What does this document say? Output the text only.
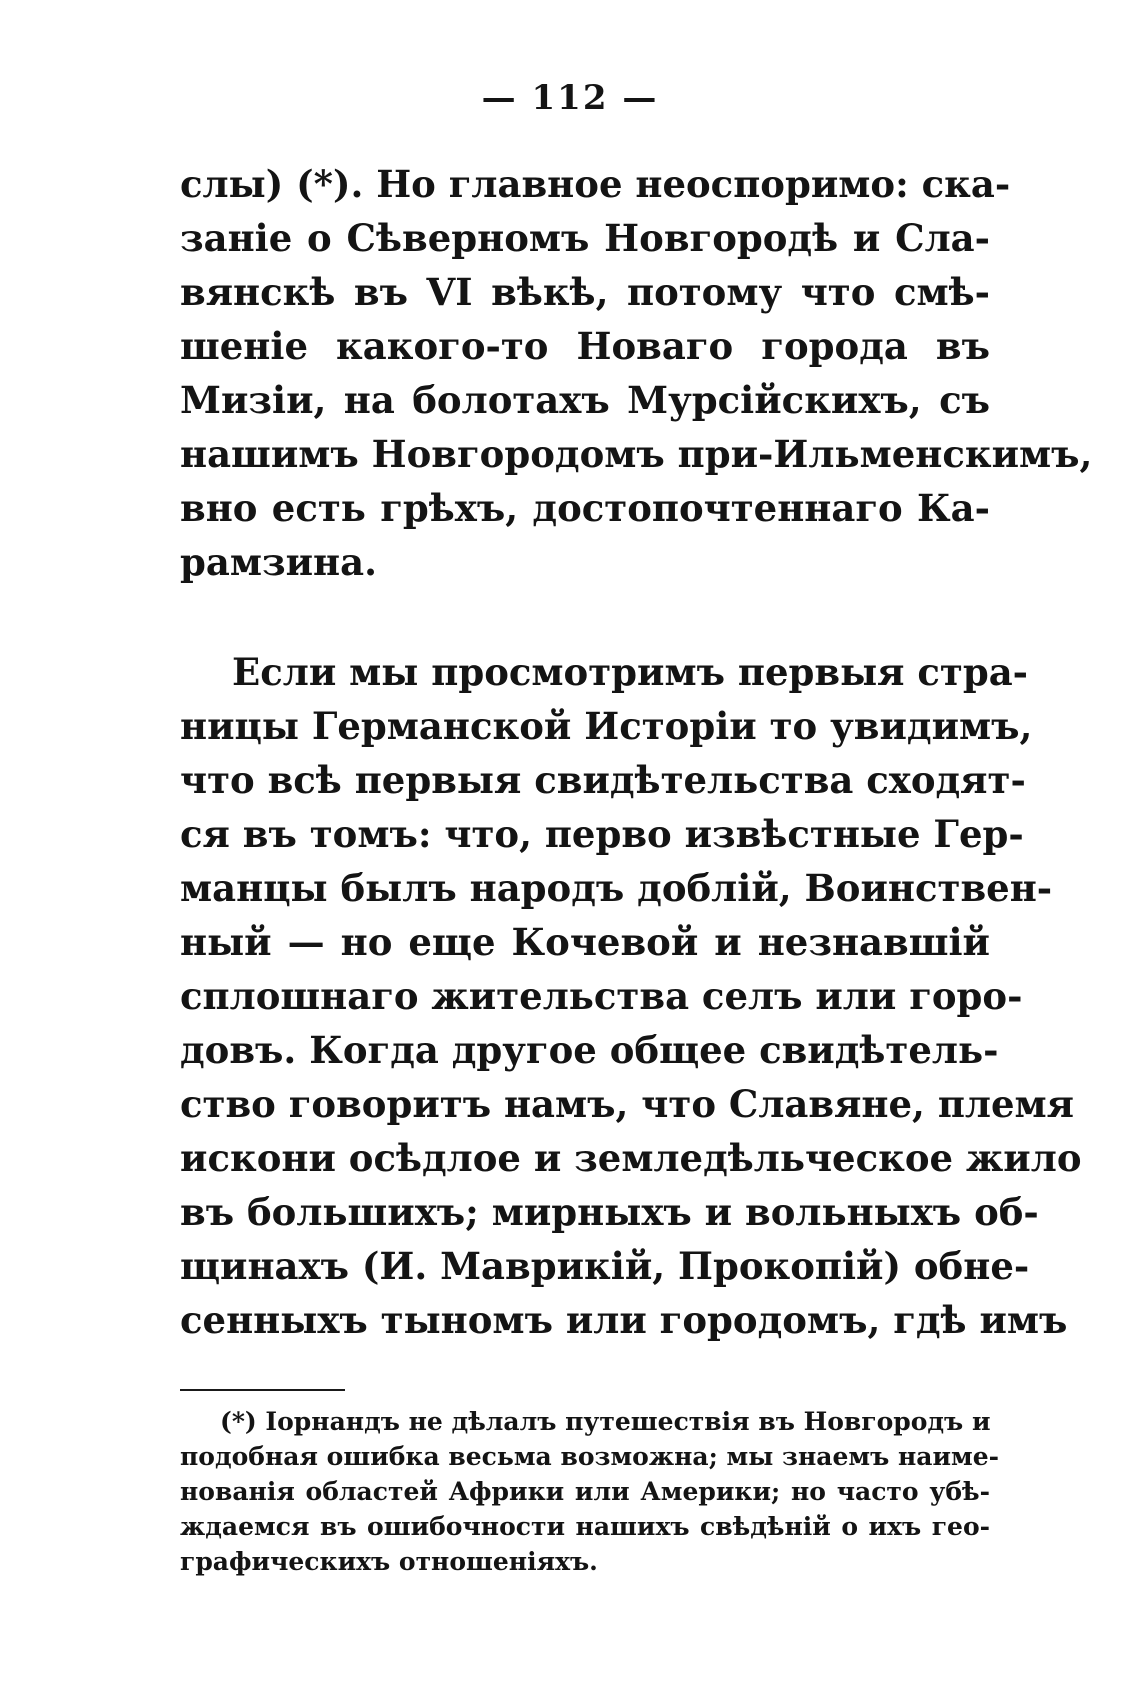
— 112 —
слы) (*). Но главное неоспоримо: ска-
занiе о Сѣверномъ Новгородѣ и Сла-
вянскѣ въ VI вѣкѣ, потому что смѣ-
шенiе какого-то Новаго города въ
Мизiи, на болотахъ Мурсiйскихъ, съ
нашимъ Новгородомъ при-Ильменскимъ,
вно есть грѣхъ, достопочтеннаго Ка-
рамзина.
Если мы просмотримъ первыя стра-
ницы Германской Исторiи то увидимъ,
что всѣ первыя свидѣтельства сходят-
ся въ томъ: что, перво извѣстные Гер-
манцы былъ народъ доблiй, Воинствен-
ный — но еще Кочевой и незнавшiй
сплошнаго жительства селъ или горо-
довъ. Когда другое общее свидѣтель-
ство говоритъ намъ, что Славяне, племя
искони осѣдлое и земледѣльческое жило
въ большихъ; мирныхъ и вольныхъ об-
щинахъ (И. Маврикiй, Прокопiй) обне-
сенныхъ тыномъ или городомъ, гдѣ имъ
(*) Iорнандъ не дѣлалъ путешествiя въ Новгородъ и
подобная ошибка весьма возможна; мы знаемъ наиме-
нованiя областей Африки или Америки; но часто убѣ-
ждаемся въ ошибочности нашихъ свѣдѣнiй о ихъ гео-
графическихъ отношенiяхъ.
